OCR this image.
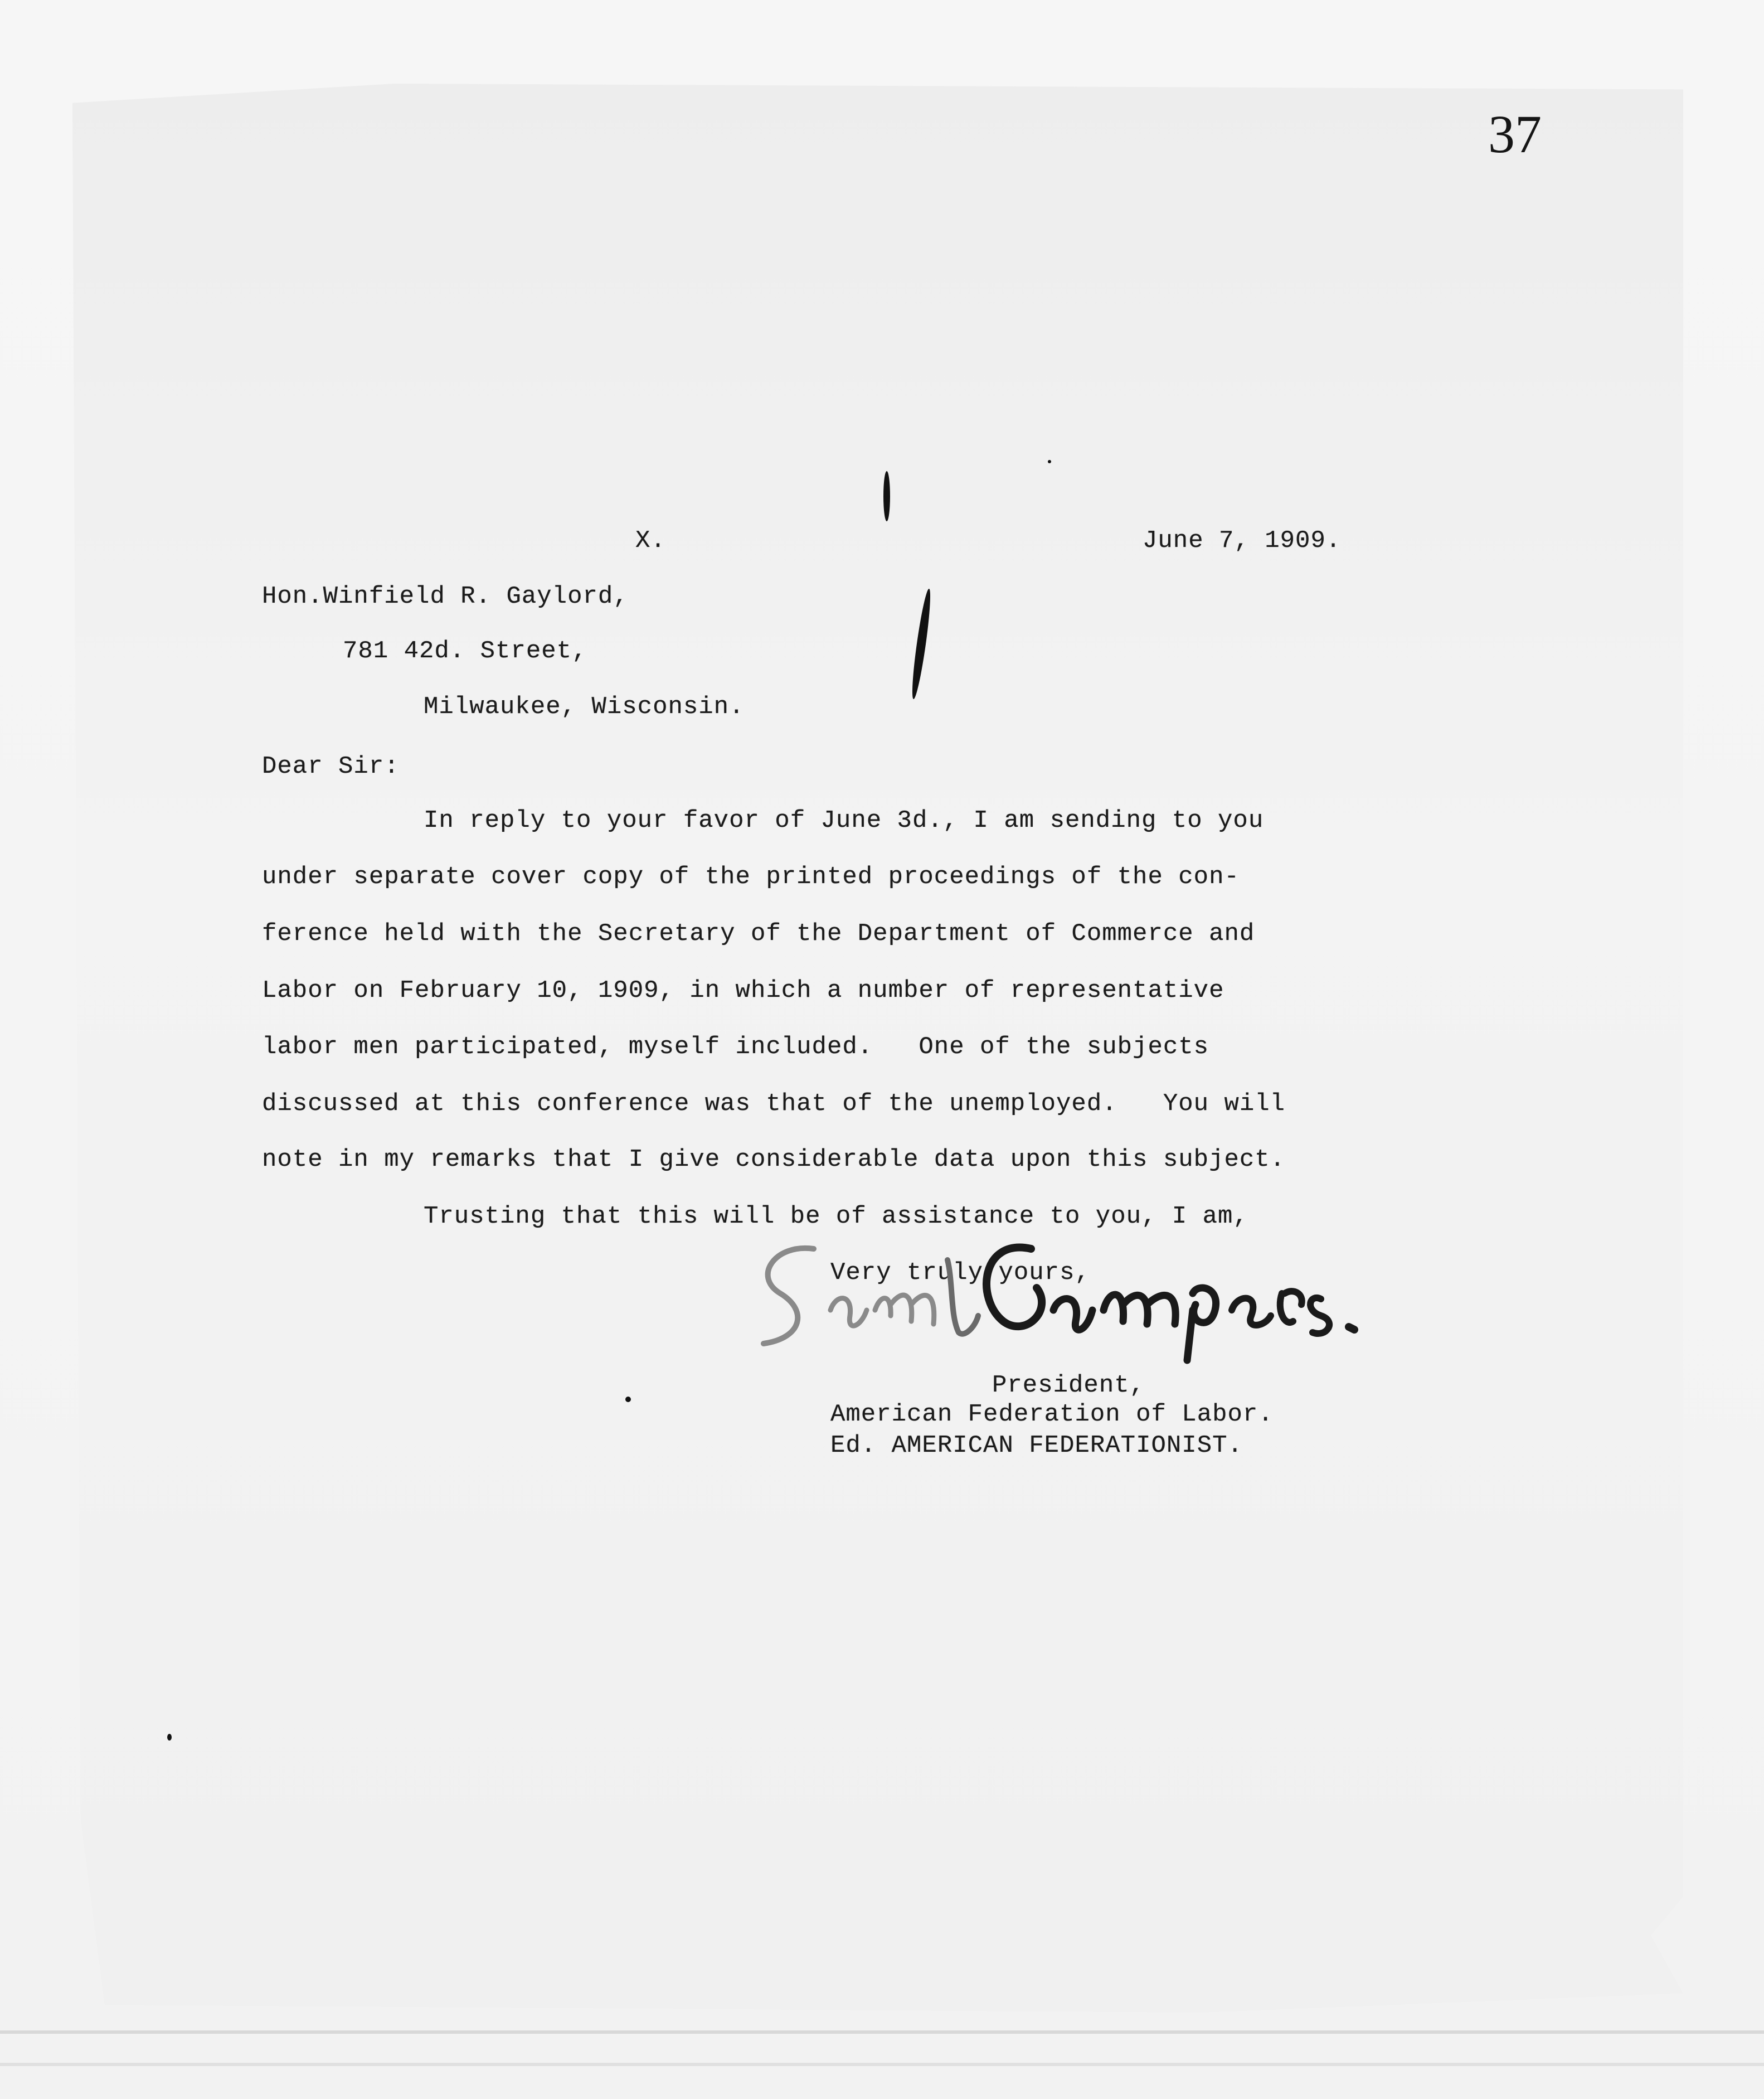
37
X.	June 7, 1909.
Hon.Winfield R. Gaylord,
781 42d. Street,
Milwaukee, Wisconsin.
Dear Sir:
In reply to your favor of June 3d., I am sending to you
under separate cover copy of the printed proceedings of the con-
ference held with the Secretary of the Department of Commerce and
Labor on February 10, 1909, in which a number of representative
labor men participated, myself included.   One of the subjects
discussed at this conference was that of the unemployed.   You will
note in my remarks that I give considerable data upon this subject.
Trusting that this will be of assistance to you, I am,
Very truly yours,
President,
American Federation of Labor.
Ed. AMERICAN FEDERATIONIST.
